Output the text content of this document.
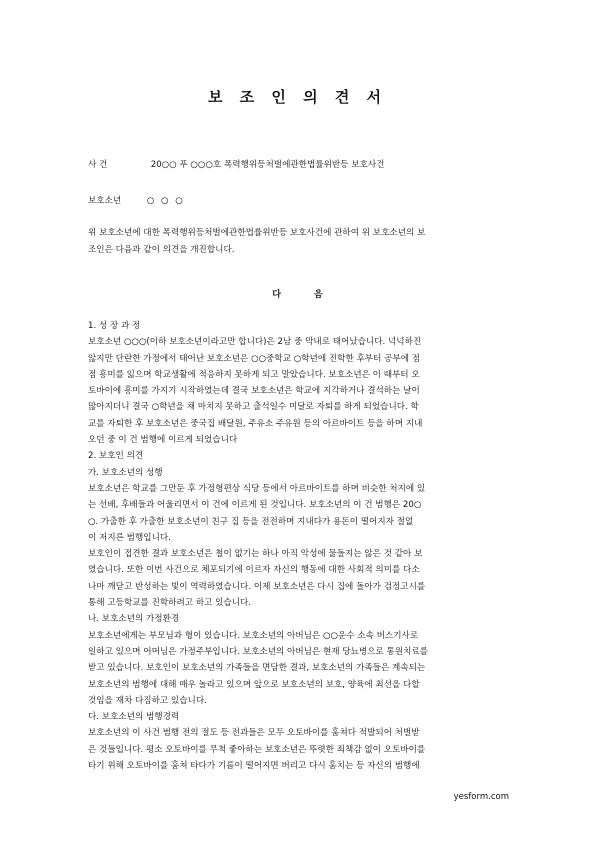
보 조 인 의 견 서
사 건	20○○ 푸 ○○○호 폭력행위등처벌에관한법률위반등 보호사건
보호소년	○ ○ ○

위 보호소년에 대한 폭력행위등처벌에관한법률위반등 보호사건에 관하여 위 보호소년의 보

조인은 다음과 같이 의견을 개진합니다.

다 음

1. 성 장 과 정

보호소년 ○○○(이하 보호소년이라고만 합니다)은 2남 중 막내로 태어났습니다. 넉넉하진

않지만 단란한 가정에서 태어난 보호소년은 ○○중학교 ○학년에 진학한 후부터 공부에 점

점 흥미를 잃으며 학교생활에 적응하지 못하게 되고 말았습니다. 보호소년은 이 때부터 오

토바이에 흥미를 가지기 시작하였는데 결국 보호소년은 학교에 지각하거나 결석하는 날이

많아지더니 결국 ○학년을 채 마치지 못하고 출석일수 미달로 자퇴를 하게 되었습니다. 학

교를 자퇴한 후 보호소년은 중국집 배달원, 주유소 주유원 등의 아르바이트 등을 하며 지내

오던 중 이 건 범행에 이르게 되었습니다

2. 보호인 의견

가. 보호소년의 성행

보호소년은 학교를 그만둔 후 가정형편상 식당 등에서 아르바이트를 하며 비슷한 처지에 있

는 선배, 후배들과 어울리면서 이 건에 이르게 된 것입니다. 보호소년의 이 건 범행은 20○

○. 가출한 후 가출한 보호소년이 친구 집 등을 전전하며 지내다가 용돈이 떨어지자 절없

이 저지른 범행입니다.

보호인이 접견한 결과 보호소년은 철이 없기는 하나 아직 악성에 물들지는 않은 것 같아 보

였습니다. 또한 이번 사건으로 체포되기에 이르자 자신의 행동에 대한 사회적 의미를 다소

나마 깨닫고 반성하는 빛이 역력하였습니다. 이제 보호소년은 다시 집에 돌아가 검정고시를

통해 고등학교를 진학하려고 하고 있습니다.

나. 보호소년의 가정환경

보호소년에게는 부모님과 형이 있습니다. 보호소년의 아버님은 ○○운수 소속 버스기사로

일하고 있으며 어머님은 가정주부입니다. 보호소년의 아버님은 현재 당뇨병으로 통원치료를

받고 있습니다. 보호인이 보호소년의 가족들을 면담한 결과, 보호소년의 가족들은 계속되는

보호소년의 범행에 대해 매우 놀라고 있으며 앞으로 보호소년의 보호, 양육에 최선을 다할

것임을 재차 다짐하고 있습니다.

다. 보호소년의 범행경력

보호소년의 이 사건 범행 전의 절도 등 전과들은 모두 오토바이를 훔쳐다 적발되어 처벌받

은 것들입니다. 평소 오토바이를 무척 좋아하는 보호소년은 뚜렷한 죄책감 없이 오토바이를

타기 위해 오토바이를 훔쳐 타다가 기름이 떨어지면 버리고 다시 훔치는 등 자신의 범행에

yesform.com
